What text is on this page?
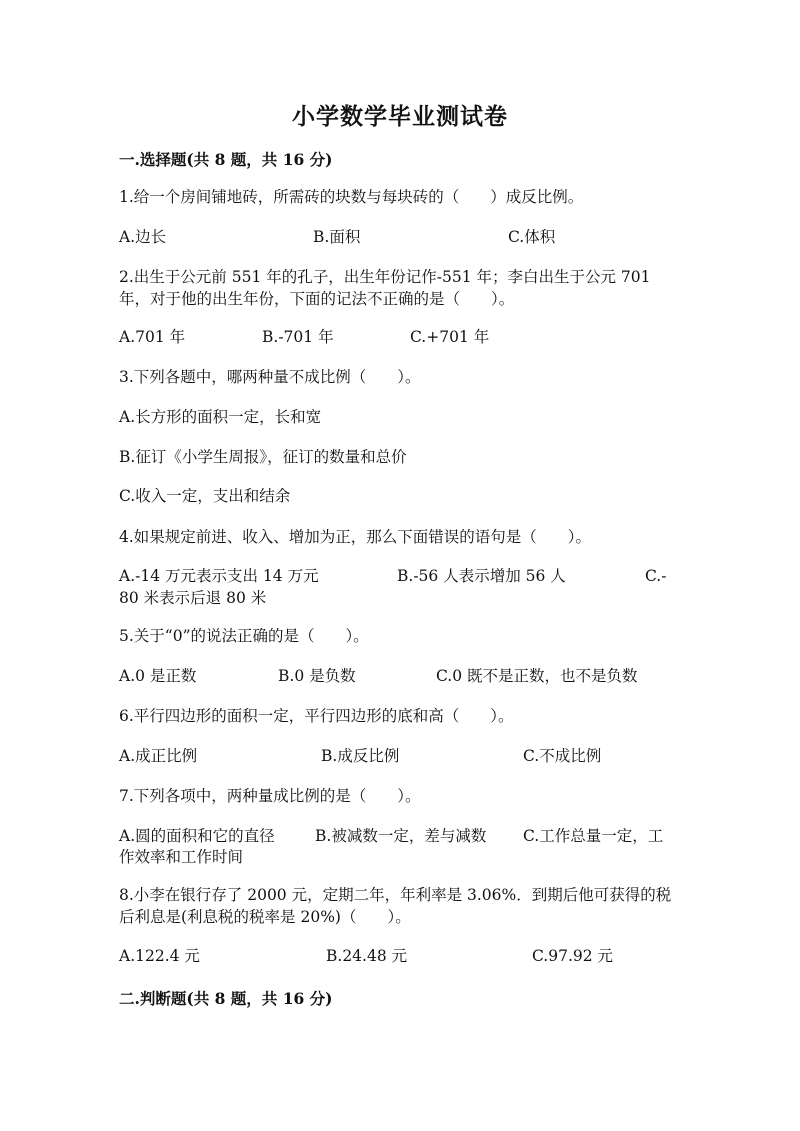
小学数学毕业测试卷
一.选择题(共 8 题，共 16 分)
1.给一个房间铺地砖，所需砖的块数与每块砖的（　　）成反比例。
A.边长	B.面积	C.体积
2.出生于公元前 551 年的孔子，出生年份记作-551 年；李白出生于公元 701 年，对于他的出生年份，下面的记法不正确的是（　　）。
A.701 年	B.-701 年	C.+701 年
3.下列各题中，哪两种量不成比例（　　）。
A.长方形的面积一定，长和宽
B.征订《小学生周报》，征订的数量和总价
C.收入一定，支出和结余
4.如果规定前进、收入、增加为正，那么下面错误的语句是（　　）。
A.-14 万元表示支出 14 万元	B.-56 人表示增加 56 人	C.-
80 米表示后退 80 米
5.关于“0”的说法正确的是（　　）。
A.0 是正数	B.0 是负数	C.0 既不是正数，也不是负数
6.平行四边形的面积一定，平行四边形的底和高（　　）。
A.成正比例	B.成反比例	C.不成比例
7.下列各项中，两种量成比例的是（　　）。
A.圆的面积和它的直径	B.被减数一定，差与减数 C.工作总量一定，工
作效率和工作时间
8.小李在银行存了 2000 元，定期二年，年利率是 3.06%．到期后他可获得的税后利息是(利息税的税率是 20%)（　　）。
A.122.4 元	B.24.48 元	C.97.92 元
二.判断题(共 8 题，共 16 分)
